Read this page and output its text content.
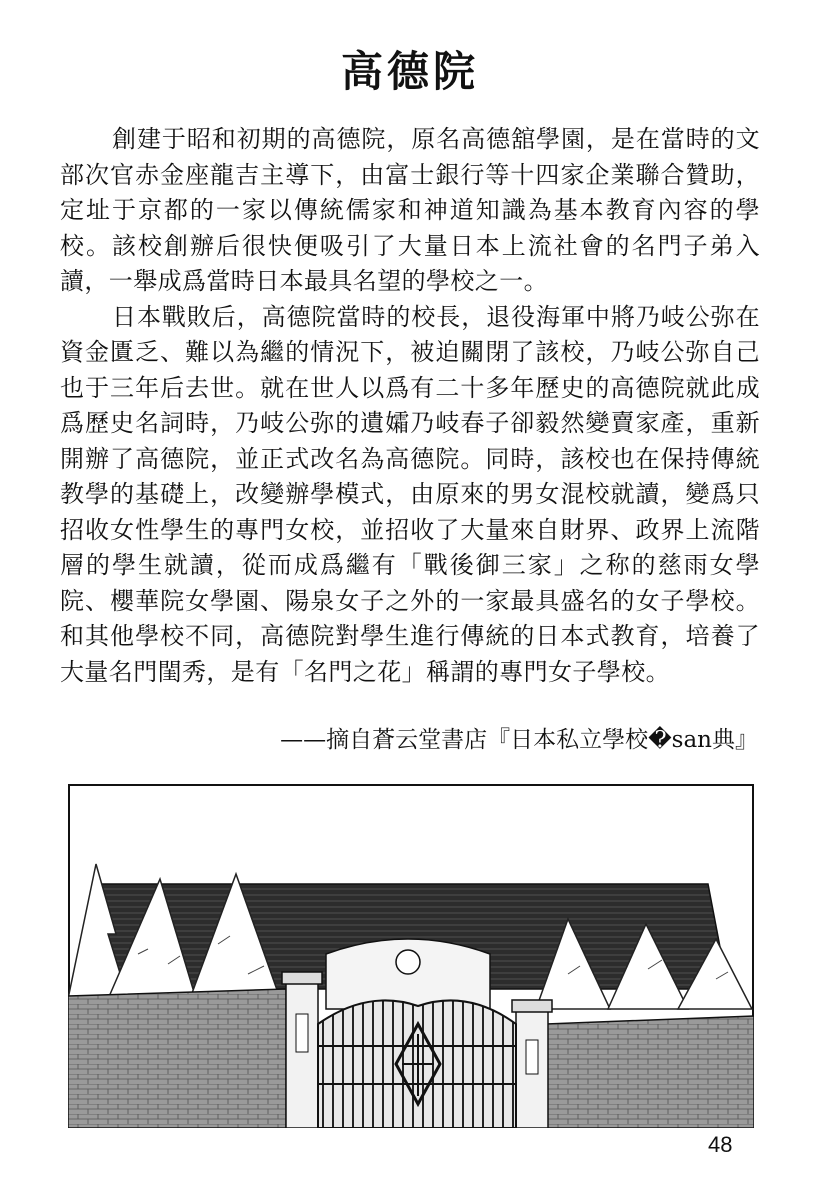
高德院

創建于昭和初期的高德院，原名高德舘學園，是在當時的文部次官赤金座龍吉主導下，由富士銀行等十四家企業聯合贊助，定址于京都的一家以傳統儒家和神道知識為基本教育內容的學校。該校創辦后很快便吸引了大量日本上流社會的名門子弟入讀，一舉成爲當時日本最具名望的學校之一。

日本戰敗后，高德院當時的校長，退役海軍中將乃岐公弥在資金匱乏、難以為繼的情況下，被迫關閉了該校，乃岐公弥自己也于三年后去世。就在世人以爲有二十多年歷史的高德院就此成爲歷史名詞時，乃岐公弥的遺孀乃岐春子卻毅然變賣家產，重新開辦了高德院，並正式改名為高德院。同時，該校也在保持傳統教學的基礎上，改變辦學模式，由原來的男女混校就讀，變爲只招收女性學生的專門女校，並招收了大量來自財界、政界上流階層的學生就讀，從而成爲繼有「戰後御三家」之称的慈雨女學院、櫻華院女學園、陽泉女子之外的一家最具盛名的女子學校。和其他學校不同，高德院對學生進行傳統的日本式教育，培養了大量名門閨秀，是有「名門之花」稱謂的專門女子學校。

——摘自蒼云堂書店『日本私立學校�san典』
48
